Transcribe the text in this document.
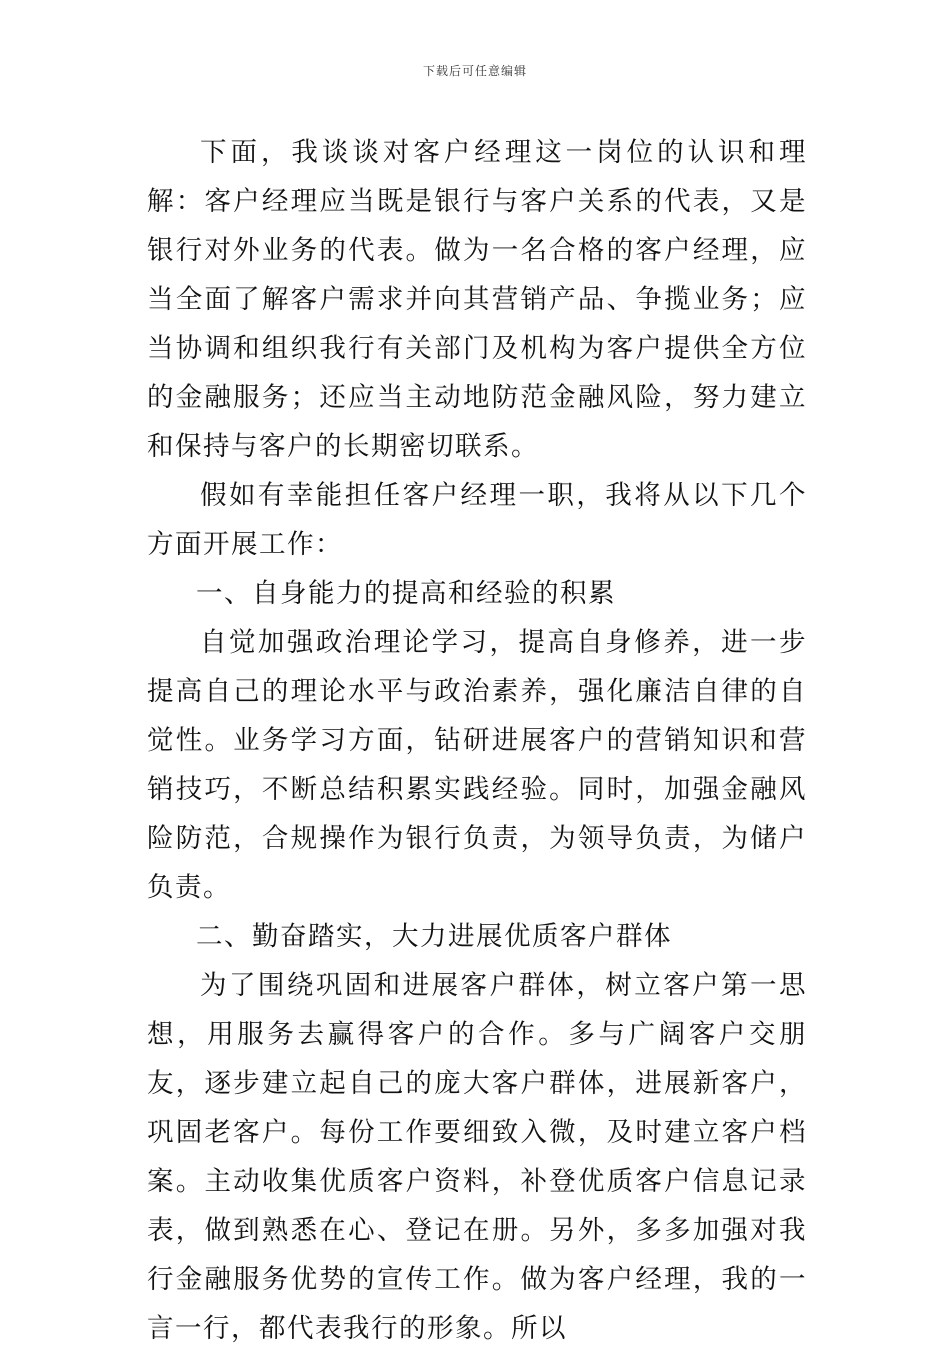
下载后可任意编辑

下面，我谈谈对客户经理这一岗位的认识和理解：客户经理应当既是银行与客户关系的代表，又是银行对外业务的代表。做为一名合格的客户经理，应当全面了解客户需求并向其营销产品、争揽业务；应当协调和组织我行有关部门及机构为客户提供全方位的金融服务；还应当主动地防范金融风险，努力建立和保持与客户的长期密切联系。

假如有幸能担任客户经理一职，我将从以下几个方面开展工作：

一、自身能力的提高和经验的积累

自觉加强政治理论学习，提高自身修养，进一步提高自己的理论水平与政治素养，强化廉洁自律的自觉性。业务学习方面，钻研进展客户的营销知识和营销技巧，不断总结积累实践经验。同时，加强金融风险防范，合规操作为银行负责，为领导负责，为储户负责。

二、勤奋踏实，大力进展优质客户群体

为了围绕巩固和进展客户群体，树立客户第一思想，用服务去赢得客户的合作。多与广阔客户交朋友，逐步建立起自己的庞大客户群体，进展新客户，巩固老客户。每份工作要细致入微，及时建立客户档案。主动收集优质客户资料，补登优质客户信息记录表，做到熟悉在心、登记在册。另外，多多加强对我行金融服务优势的宣传工作。做为客户经理，我的一言一行，都代表我行的形象。所以
